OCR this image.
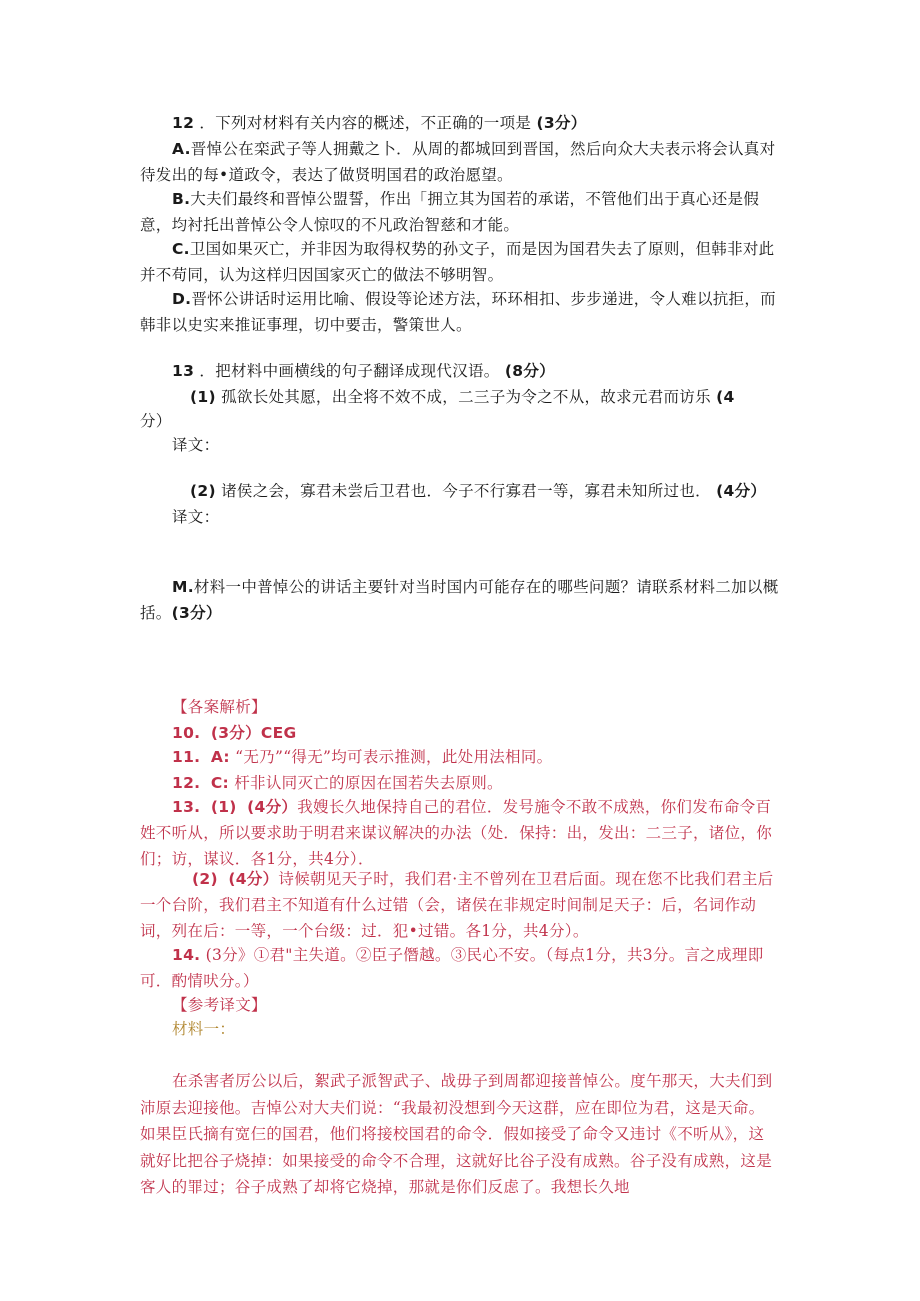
12 ．下列对材料有关内容的概述，不正确的一项是 (3分）
A.晋悼公在栾武子等人拥戴之卜．从周的都城回到晋国，然后向众大夫表示将会认真对待发出的每•道政令，表达了做贤明国君的政治愿望。
B.大夫们最终和晋悼公盟誓，作出「拥立其为国若的承诺，不管他们出于真心还是假意，均衬托出普悼公令人惊叹的不凡政治智慈和才能。
C.卫国如果灭亡，并非因为取得权势的孙文子，而是因为国君失去了原则，但韩非对此并不苟同，认为这样归因国家灭亡的做法不够明智。
D.晋怀公讲话时运用比喻、假设等论述方法，环环相扣、步步递进，令人难以抗拒，而韩非以史实来推证事理，切中要击，警策世人。
13 ．把材料中画横线的句子翻译成现代汉语。 (8分）
(1) 孤欲长处其愿，出全将不效不成，二三子为令之不从，故求元君而访乐 (4
分）
译文：
(2) 诸侯之会，寡君未尝后卫君也．今子不行寡君一等，寡君未知所过也． (4分）
译文：
M.材料一中普悼公的讲话主要针对当时国内可能存在的哪些问题？请联系材料二加以概括。(3分）
【各案解析】
10. (3分）CEG
11. A: “无乃”“得无”均可表示推测，此处用法相同。
12. C: 杆非认同灭亡的原因在国若失去原则。
13. (1) (4分）我嫂长久地保持自己的君位．发号施令不敢不成熟，你们发布命令百姓不听从，所以要求助于明君来谋议解决的办法（处．保持：出，发出：二三子，诸位，你们；访，谋议．各1分，共4分）．
(2) (4分）诗候朝见天子时，我们君·主不曾列在卫君后面。现在您不比我们君主后一个台阶，我们君主不知道有什么过错（会，诸侯在非规定时间制足天子：后，名词作动词，列在后：一等，一个台级：过．犯•过错。各1分，共4分）。
14. (3分》①君"主失道。②臣子僭越。③民心不安。（每点1分，共3分。言之成理即可．酌情吠分。）
【参考译文】
材料一：
在杀害者厉公以后，絮武子派智武子、战毋子到周都迎接普悼公。度午那天，大夫们到沛原去迎接他。吉悼公对大夫们说：“我最初没想到今天这群，应在即位为君，这是天命。如果臣氏摘有宽仨的国君，他们将接校国君的命令．假如接受了命令又违讨《不听从》，这就好比把谷子烧掉：如果接受的命令不合理，这就好比谷子没有成熟。谷子没有成熟，这是客人的罪过；谷子成熟了却将它烧掉，那就是你们反虑了。我想长久地
